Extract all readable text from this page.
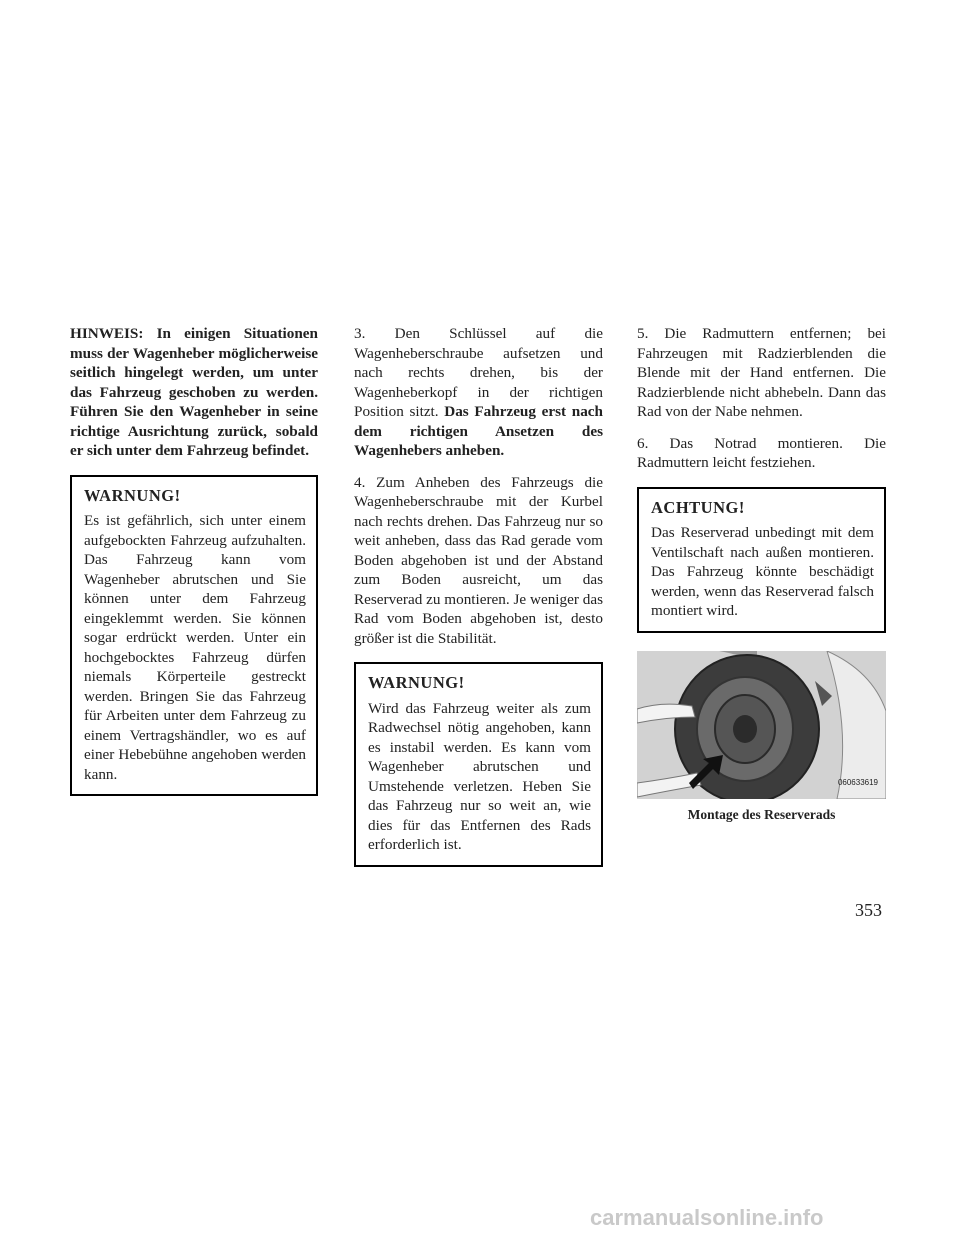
HINWEIS: In einigen Situationen muss der Wagenheber möglicherweise seitlich hingelegt werden, um unter das Fahrzeug geschoben zu werden. Führen Sie den Wagenheber in seine richtige Ausrichtung zurück, sobald er sich unter dem Fahrzeug befindet.

WARNUNG!

Es ist gefährlich, sich unter einem aufgebockten Fahrzeug aufzuhalten. Das Fahrzeug kann vom Wagenheber abrutschen und Sie können unter dem Fahrzeug eingeklemmt werden. Sie können sogar erdrückt werden. Unter ein hochgebocktes Fahrzeug dürfen niemals Körperteile gestreckt werden. Bringen Sie das Fahrzeug für Arbeiten unter dem Fahrzeug zu einem Vertragshändler, wo es auf einer Hebebühne angehoben werden kann.

3. Den Schlüssel auf die Wagenheberschraube aufsetzen und nach rechts drehen, bis der Wagenheberkopf in der richtigen Position sitzt. Das Fahrzeug erst nach dem richtigen Ansetzen des Wagenhebers anheben.

4. Zum Anheben des Fahrzeugs die Wagenheberschraube mit der Kurbel nach rechts drehen. Das Fahrzeug nur so weit anheben, dass das Rad gerade vom Boden abgehoben ist und der Abstand zum Boden ausreicht, um das Reserverad zu montieren. Je weniger das Rad vom Boden abgehoben ist, desto größer ist die Stabilität.

WARNUNG!

Wird das Fahrzeug weiter als zum Radwechsel nötig angehoben, kann es instabil werden. Es kann vom Wagenheber abrutschen und Umstehende verletzen. Heben Sie das Fahrzeug nur so weit an, wie dies für das Entfernen des Rads erforderlich ist.

5. Die Radmuttern entfernen; bei Fahrzeugen mit Radzierblenden die Blende mit der Hand entfernen. Die Radzierblende nicht abhebeln. Dann das Rad von der Nabe nehmen.

6. Das Notrad montieren. Die Radmuttern leicht festziehen.

ACHTUNG!

Das Reserverad unbedingt mit dem Ventilschaft nach außen montieren. Das Fahrzeug könnte beschädigt werden, wenn das Reserverad falsch montiert wird.

060633619
Montage des Reserverads
353
carmanualsonline.info
